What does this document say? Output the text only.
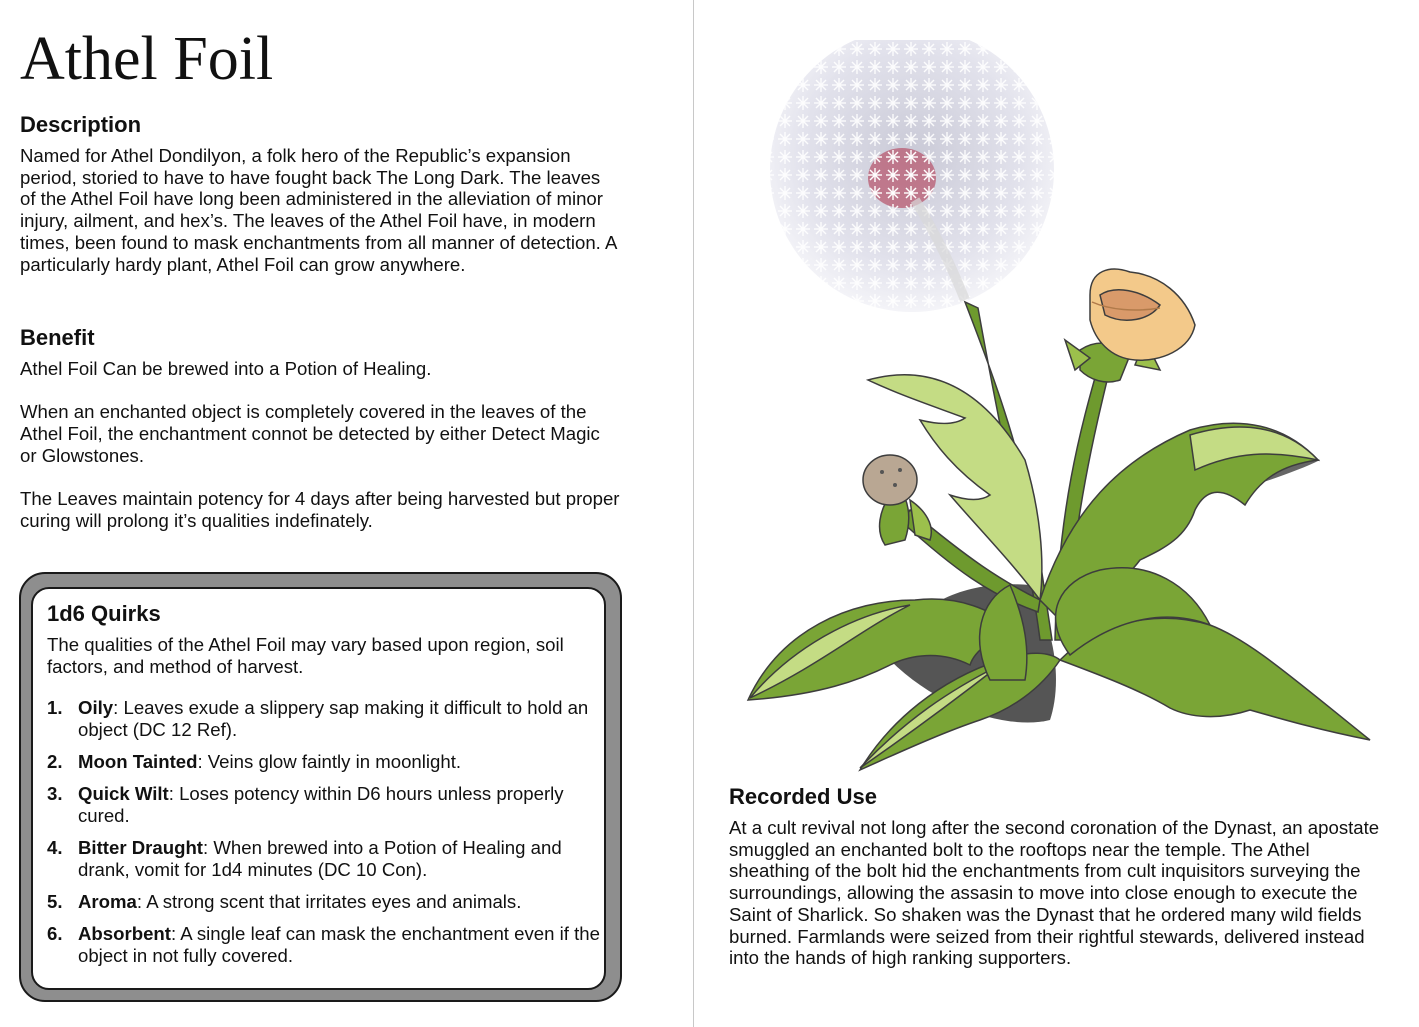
Athel Foil
Description
Named for Athel Dondilyon, a folk hero of the Republic’s expansion period, storied to have to have fought back The Long Dark. The leaves of the Athel Foil have long been administered in the alleviation of minor injury, ailment, and hex’s. The leaves of the Athel Foil have, in modern times, been found to mask enchantments from all manner of detection. A particularly hardy plant, Athel Foil can grow anywhere.
Benefit

Athel Foil Can be brewed into a Potion of Healing.

When an enchanted object is completely covered in the leaves of the Athel Foil, the enchantment connot be detected by either Detect Magic or Glowstones.

The Leaves maintain potency for 4 days after being harvested but proper curing will prolong it’s qualities indefinately.

1d6 Quirks
The qualities of the Athel Foil may vary based upon region, soil factors, and method of harvest.
1. Oily: Leaves exude a slippery sap making it difficult to hold an object (DC 12 Ref).
2. Moon Tainted: Veins glow faintly in moonlight.
3. Quick Wilt: Loses potency within D6 hours unless properly cured.
4. Bitter Draught: When brewed into a Potion of Healing and drank, vomit for 1d4 minutes (DC 10 Con).
5. Aroma: A strong scent that irritates eyes and animals.
6. Absorbent: A single leaf can mask the enchantment even if the object in not fully covered.
Recorded Use
At a cult revival not long after the second coronation of the Dynast, an apostate smuggled an enchanted bolt to the rooftops near the temple. The Athel sheathing of the bolt hid the enchantments from cult inquisitors surveying the surroundings, allowing the assasin to move into close enough to execute the Saint of Sharlick. So shaken was the Dynast that he ordered many wild fields burned. Farmlands were seized from their rightful stewards, delivered instead into the hands of high ranking supporters.
